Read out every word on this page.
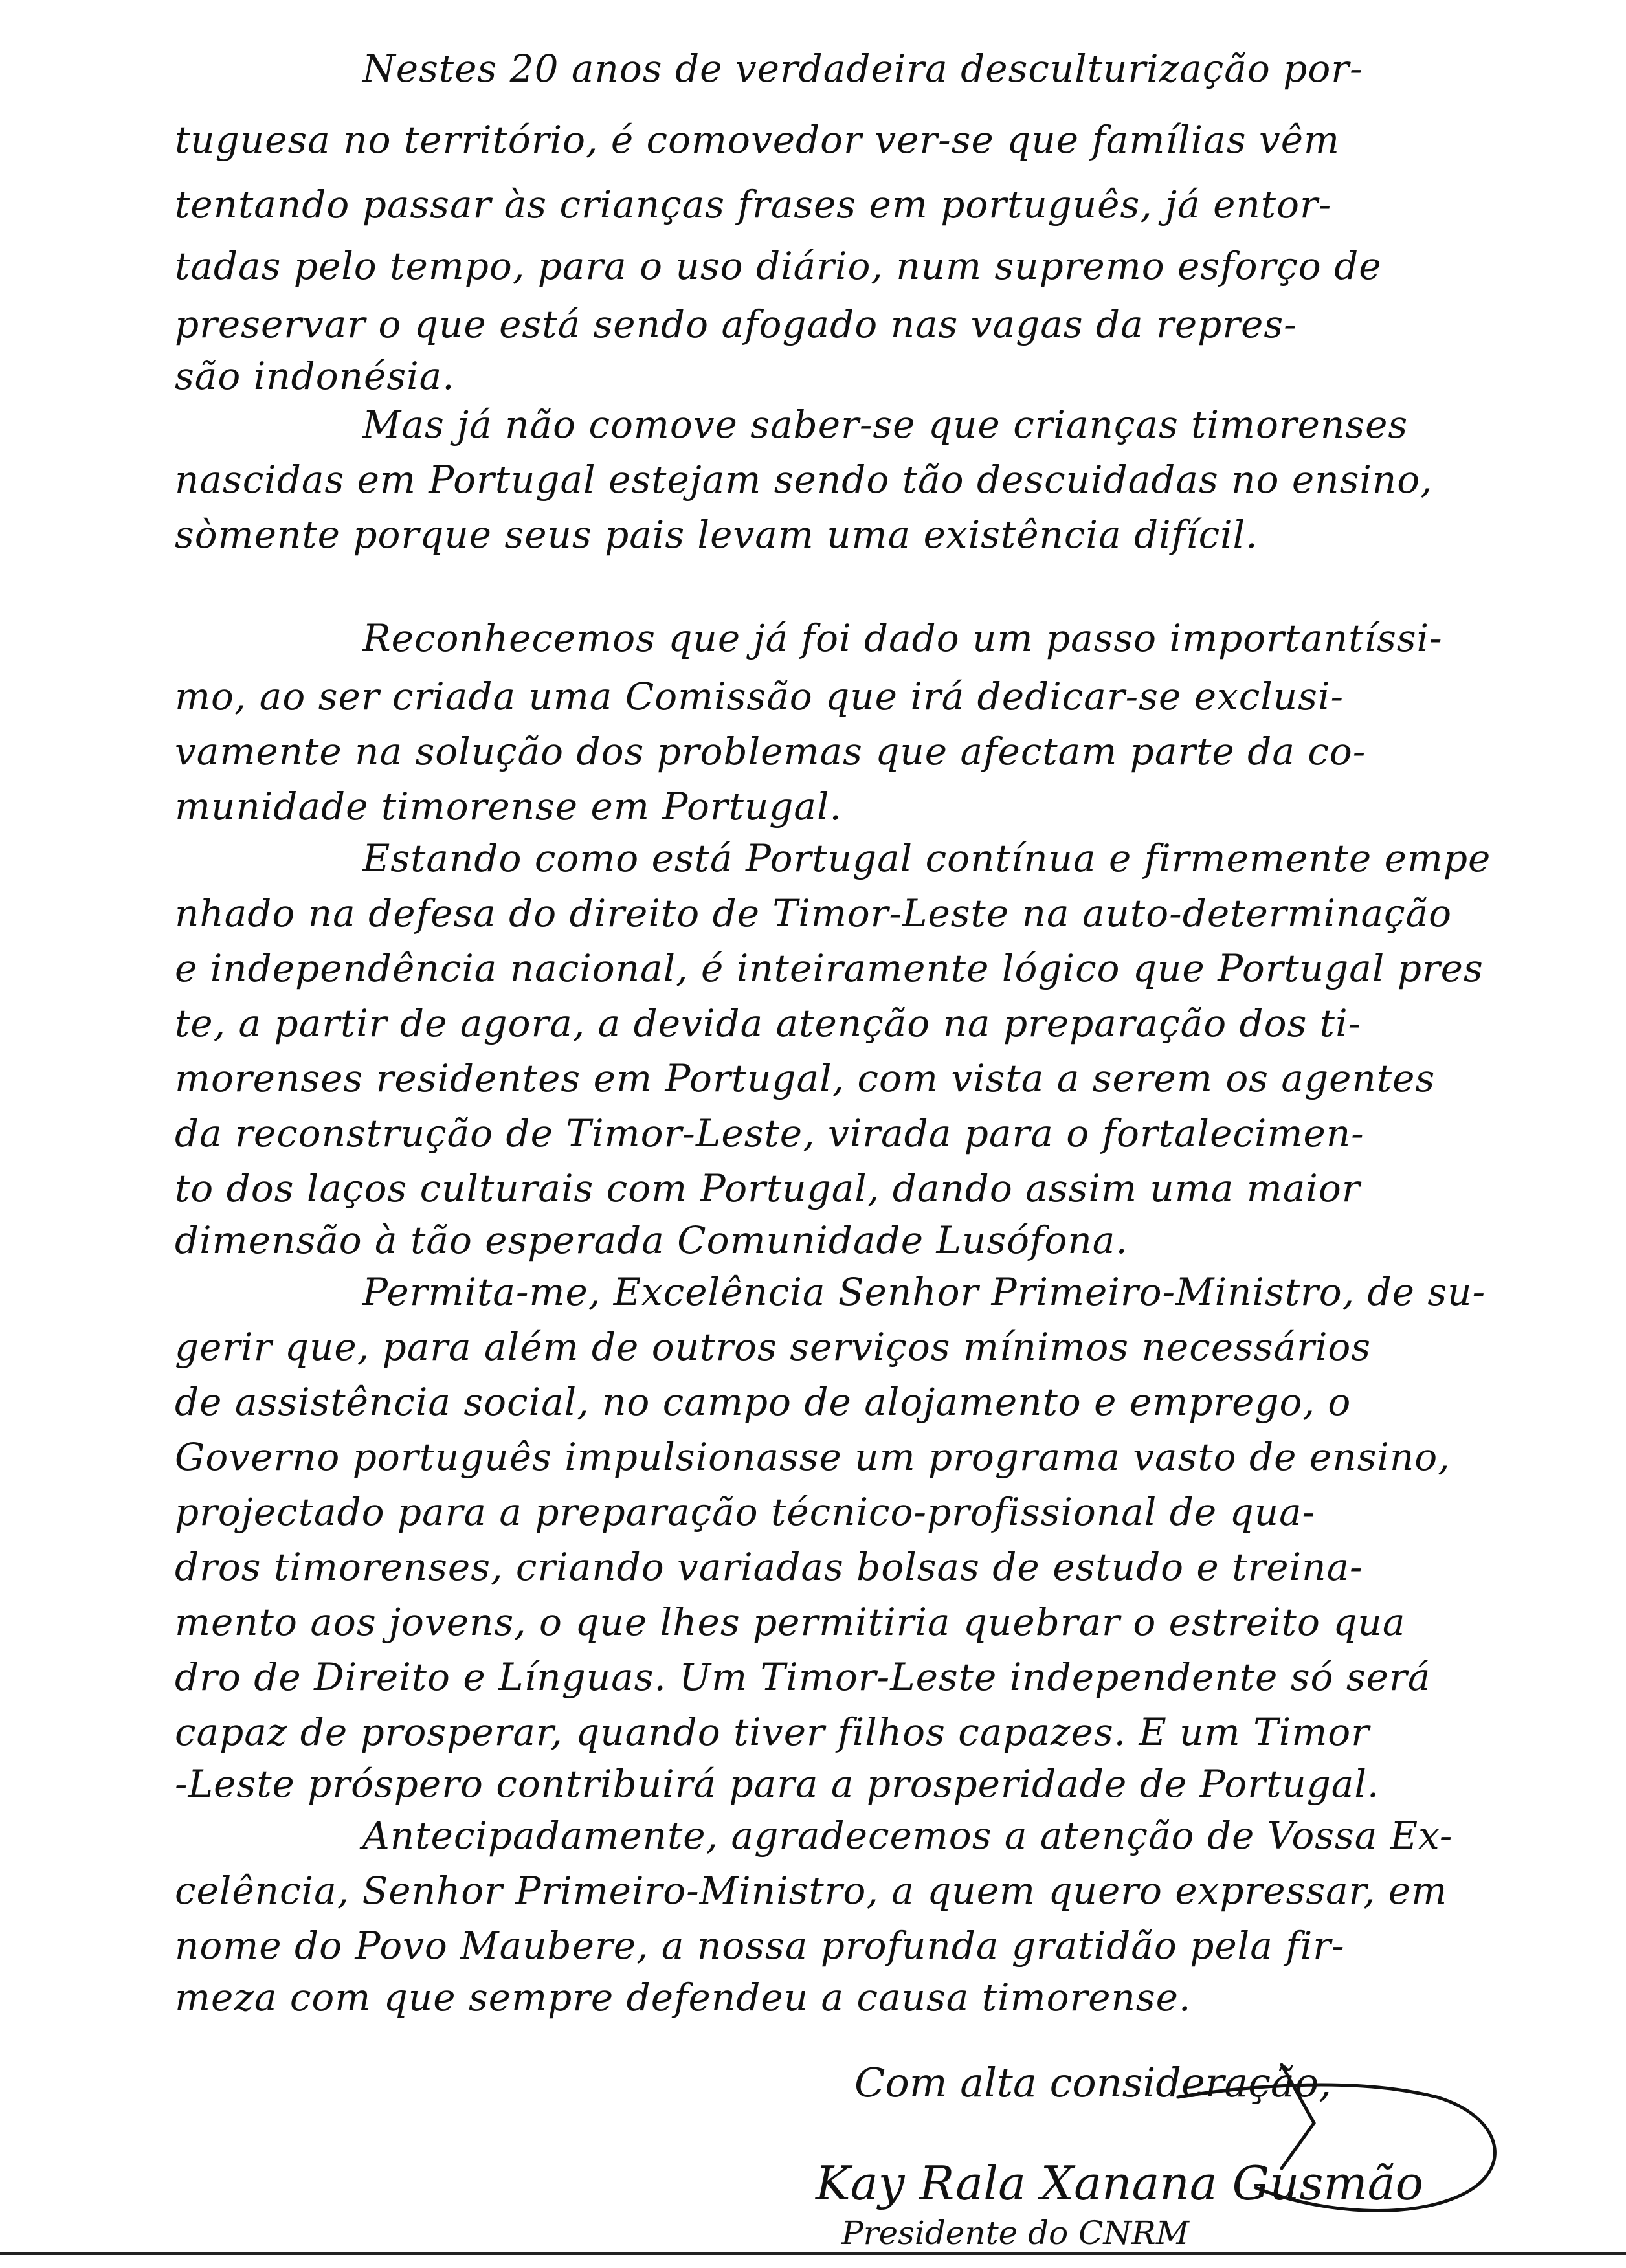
Nestes 20 anos de verdadeira desculturização por-
tuguesa no território, é comovedor ver-se que famílias vêm
tentando passar às crianças frases em português, já entor-
tadas pelo tempo, para o uso diário, num supremo esforço de
preservar o que está sendo afogado nas vagas da repres-
são indonésia.
Mas já não comove saber-se que crianças timorenses
nascidas em Portugal estejam sendo tão descuidadas no ensino,
sòmente porque seus pais levam uma existência difícil.
Reconhecemos que já foi dado um passo importantíssi-
mo, ao ser criada uma Comissão que irá dedicar-se exclusi-
vamente na solução dos problemas que afectam parte da co-
munidade timorense em Portugal.
Estando como está Portugal contínua e firmemente empe
nhado na defesa do direito de Timor-Leste na auto-determinação
e independência nacional, é inteiramente lógico que Portugal pres
te, a partir de agora, a devida atenção na preparação dos ti-
morenses residentes em Portugal, com vista a serem os agentes
da reconstrução de Timor-Leste, virada para o fortalecimen-
to dos laços culturais com Portugal, dando assim uma maior
dimensão à tão esperada Comunidade Lusófona.
Permita-me, Excelência Senhor Primeiro-Ministro, de su-
gerir que, para além de outros serviços mínimos necessários
de assistência social, no campo de alojamento e emprego, o
Governo português impulsionasse um programa vasto de ensino,
projectado para a preparação técnico-profissional de qua-
dros timorenses, criando variadas bolsas de estudo e treina-
mento aos jovens, o que lhes permitiria quebrar o estreito qua
dro de Direito e Línguas. Um Timor-Leste independente só será
capaz de prosperar, quando tiver filhos capazes. E um Timor
-Leste próspero contribuirá para a prosperidade de Portugal.
Antecipadamente, agradecemos a atenção de Vossa Ex-
celência, Senhor Primeiro-Ministro, a quem quero expressar, em
nome do Povo Maubere, a nossa profunda gratidão pela fir-
meza com que sempre defendeu a causa timorense.
Com alta consideração,
Kay Rala Xanana Gusmão
Presidente do CNRM
